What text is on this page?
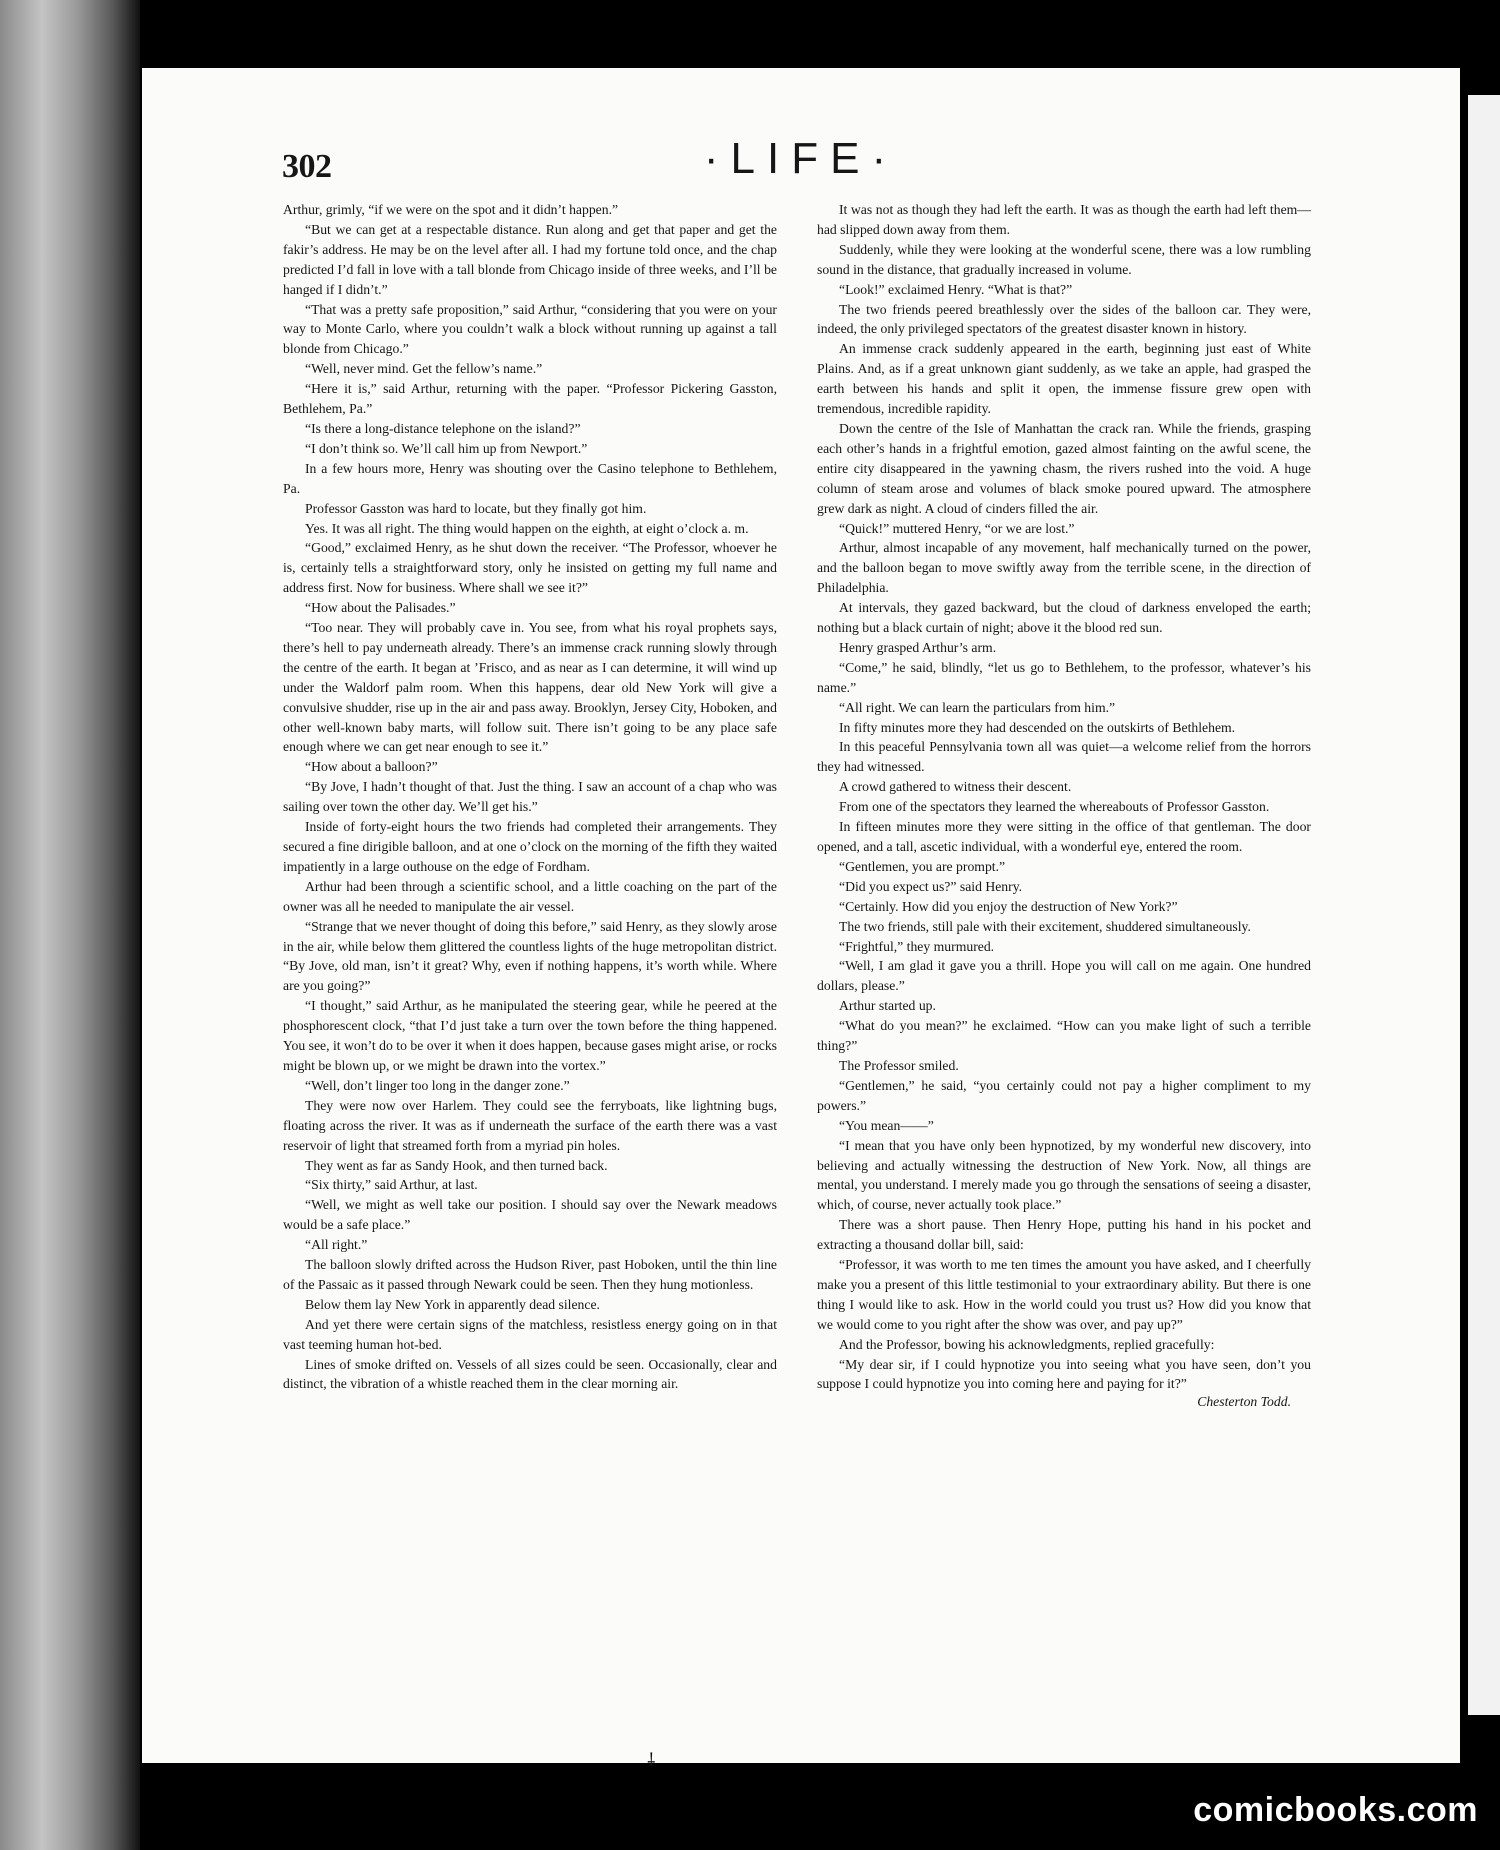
302	·LIFE·

Arthur, grimly, “if we were on the spot and it didn’t happen.”

“But we can get at a respectable distance. Run along and get that paper and get the fakir’s address. He may be on the level after all. I had my fortune told once, and the chap predicted I’d fall in love with a tall blonde from Chicago inside of three weeks, and I’ll be hanged if I didn’t.”

“That was a pretty safe proposition,” said Arthur, “considering that you were on your way to Monte Carlo, where you couldn’t walk a block without running up against a tall blonde from Chicago.”

“Well, never mind. Get the fellow’s name.”

“Here it is,” said Arthur, returning with the paper. “Professor Pickering Gasston, Bethlehem, Pa.”

“Is there a long-distance telephone on the island?”

“I don’t think so. We’ll call him up from Newport.”

In a few hours more, Henry was shouting over the Casino telephone to Bethlehem, Pa.

Professor Gasston was hard to locate, but they finally got him.

Yes. It was all right. The thing would happen on the eighth, at eight o’clock a. m.

“Good,” exclaimed Henry, as he shut down the receiver. “The Professor, whoever he is, certainly tells a straightforward story, only he insisted on getting my full name and address first. Now for business. Where shall we see it?”

“How about the Palisades.”

“Too near. They will probably cave in. You see, from what his royal prophets says, there’s hell to pay underneath already. There’s an immense crack running slowly through the centre of the earth. It began at ’Frisco, and as near as I can determine, it will wind up under the Waldorf palm room. When this happens, dear old New York will give a convulsive shudder, rise up in the air and pass away. Brooklyn, Jersey City, Hoboken, and other well-known baby marts, will follow suit. There isn’t going to be any place safe enough where we can get near enough to see it.”

“How about a balloon?”

“By Jove, I hadn’t thought of that. Just the thing. I saw an account of a chap who was sailing over town the other day. We’ll get his.”

Inside of forty-eight hours the two friends had completed their arrangements. They secured a fine dirigible balloon, and at one o’clock on the morning of the fifth they waited impatiently in a large outhouse on the edge of Fordham.

Arthur had been through a scientific school, and a little coaching on the part of the owner was all he needed to manipulate the air vessel.

“Strange that we never thought of doing this before,” said Henry, as they slowly arose in the air, while below them glittered the countless lights of the huge metropolitan district. “By Jove, old man, isn’t it great? Why, even if nothing happens, it’s worth while. Where are you going?”

“I thought,” said Arthur, as he manipulated the steering gear, while he peered at the phosphorescent clock, “that I’d just take a turn over the town before the thing happened. You see, it won’t do to be over it when it does happen, because gases might arise, or rocks might be blown up, or we might be drawn into the vortex.”

“Well, don’t linger too long in the danger zone.”

They were now over Harlem. They could see the ferryboats, like lightning bugs, floating across the river. It was as if underneath the surface of the earth there was a vast reservoir of light that streamed forth from a myriad pin holes.

They went as far as Sandy Hook, and then turned back.

“Six thirty,” said Arthur, at last.

“Well, we might as well take our position. I should say over the Newark meadows would be a safe place.”

“All right.”

The balloon slowly drifted across the Hudson River, past Hoboken, until the thin line of the Passaic as it passed through Newark could be seen. Then they hung motionless.

Below them lay New York in apparently dead silence.

And yet there were certain signs of the matchless, resistless energy going on in that vast teeming human hot-bed.

Lines of smoke drifted on. Vessels of all sizes could be seen. Occasionally, clear and distinct, the vibration of a whistle reached them in the clear morning air.

It was not as though they had left the earth. It was as though the earth had left them—had slipped down away from them.

Suddenly, while they were looking at the wonderful scene, there was a low rumbling sound in the distance, that gradually increased in volume.

“Look!” exclaimed Henry. “What is that?”

The two friends peered breathlessly over the sides of the balloon car. They were, indeed, the only privileged spectators of the greatest disaster known in history.

An immense crack suddenly appeared in the earth, beginning just east of White Plains. And, as if a great unknown giant suddenly, as we take an apple, had grasped the earth between his hands and split it open, the immense fissure grew open with tremendous, incredible rapidity.

Down the centre of the Isle of Manhattan the crack ran. While the friends, grasping each other’s hands in a frightful emotion, gazed almost fainting on the awful scene, the entire city disappeared in the yawning chasm, the rivers rushed into the void. A huge column of steam arose and volumes of black smoke poured upward. The atmosphere grew dark as night. A cloud of cinders filled the air.

“Quick!” muttered Henry, “or we are lost.”

Arthur, almost incapable of any movement, half mechanically turned on the power, and the balloon began to move swiftly away from the terrible scene, in the direction of Philadelphia.

At intervals, they gazed backward, but the cloud of darkness enveloped the earth; nothing but a black curtain of night; above it the blood red sun.

Henry grasped Arthur’s arm.

“Come,” he said, blindly, “let us go to Bethlehem, to the professor, whatever’s his name.”

“All right. We can learn the particulars from him.”

In fifty minutes more they had descended on the outskirts of Bethlehem.

In this peaceful Pennsylvania town all was quiet—a welcome relief from the horrors they had witnessed.

A crowd gathered to witness their descent.

From one of the spectators they learned the whereabouts of Professor Gasston.

In fifteen minutes more they were sitting in the office of that gentleman. The door opened, and a tall, ascetic individual, with a wonderful eye, entered the room.

“Gentlemen, you are prompt.”

“Did you expect us?” said Henry.

“Certainly. How did you enjoy the destruction of New York?”

The two friends, still pale with their excitement, shuddered simultaneously.

“Frightful,” they murmured.

“Well, I am glad it gave you a thrill. Hope you will call on me again. One hundred dollars, please.”

Arthur started up.

“What do you mean?” he exclaimed. “How can you make light of such a terrible thing?”

The Professor smiled.

“Gentlemen,” he said, “you certainly could not pay a higher compliment to my powers.”

“You mean——”

“I mean that you have only been hypnotized, by my wonderful new discovery, into believing and actually witnessing the destruction of New York. Now, all things are mental, you understand. I merely made you go through the sensations of seeing a disaster, which, of course, never actually took place.”

There was a short pause. Then Henry Hope, putting his hand in his pocket and extracting a thousand dollar bill, said:

“Professor, it was worth to me ten times the amount you have asked, and I cheerfully make you a present of this little testimonial to your extraordinary ability. But there is one thing I would like to ask. How in the world could you trust us? How did you know that we would come to you right after the show was over, and pay up?”

And the Professor, bowing his acknowledgments, replied gracefully:

“My dear sir, if I could hypnotize you into seeing what you have seen, don’t you suppose I could hypnotize you into coming here and paying for it?”

Chesterton Todd.
⸸
comicbooks.com
